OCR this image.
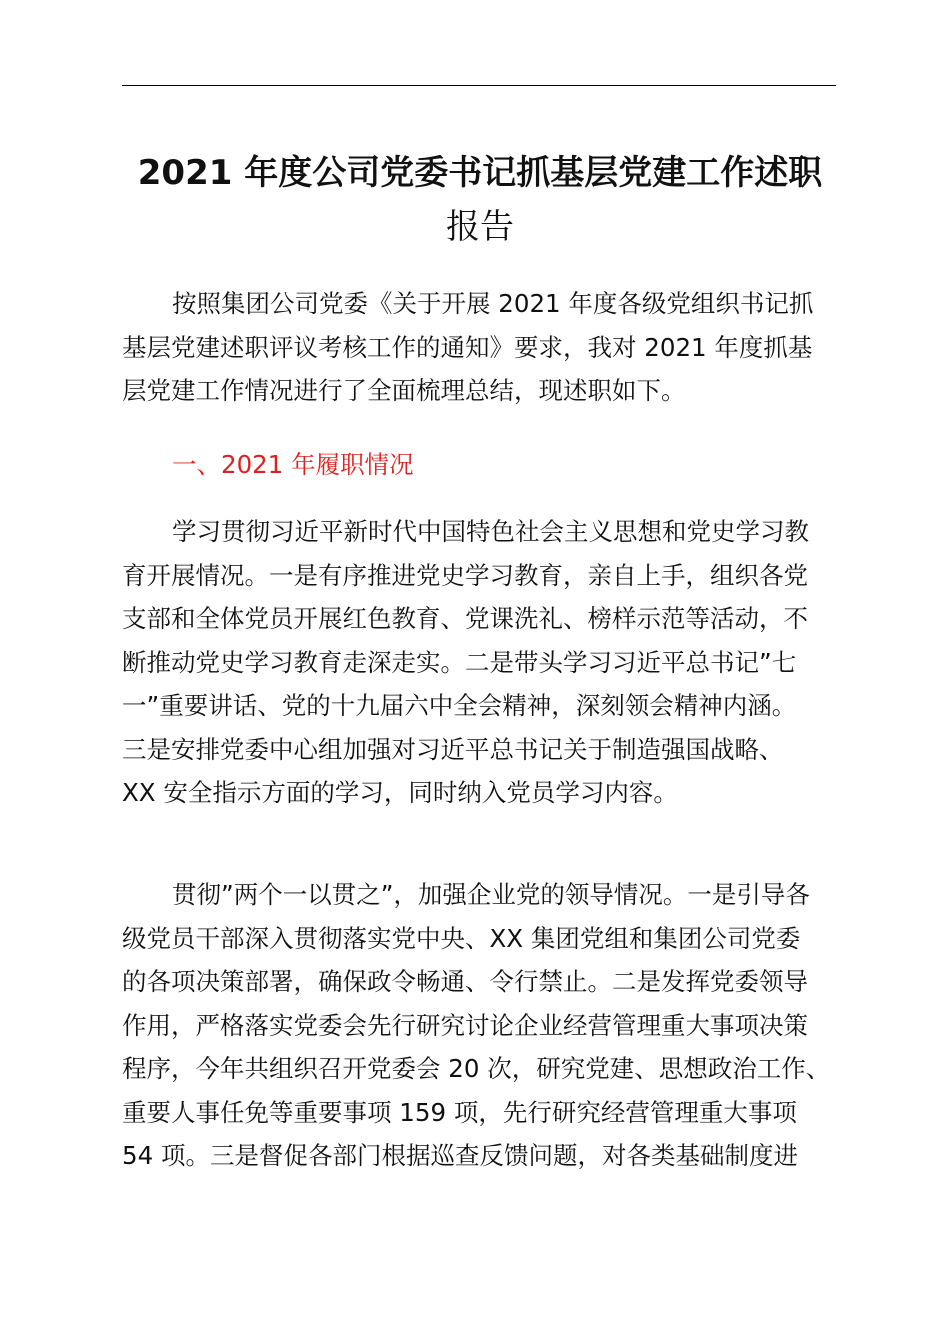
2021 年度公司党委书记抓基层党建工作述职
报告

按照集团公司党委《关于开展 2021 年度各级党组织书记抓
基层党建述职评议考核工作的通知》要求，我对 2021 年度抓基
层党建工作情况进行了全面梳理总结，现述职如下。

一、2021 年履职情况

学习贯彻习近平新时代中国特色社会主义思想和党史学习教
育开展情况。一是有序推进党史学习教育，亲自上手，组织各党
支部和全体党员开展红色教育、党课洗礼、榜样示范等活动，不
断推动党史学习教育走深走实。二是带头学习习近平总书记”七
一”重要讲话、党的十九届六中全会精神，深刻领会精神内涵。
三是安排党委中心组加强对习近平总书记关于制造强国战略、
XX 安全指示方面的学习，同时纳入党员学习内容。

贯彻”两个一以贯之”，加强企业党的领导情况。一是引导各
级党员干部深入贯彻落实党中央、XX 集团党组和集团公司党委
的各项决策部署，确保政令畅通、令行禁止。二是发挥党委领导
作用，严格落实党委会先行研究讨论企业经营管理重大事项决策
程序，今年共组织召开党委会 20 次，研究党建、思想政治工作、
重要人事任免等重要事项 159 项，先行研究经营管理重大事项
54 项。三是督促各部门根据巡查反馈问题，对各类基础制度进
